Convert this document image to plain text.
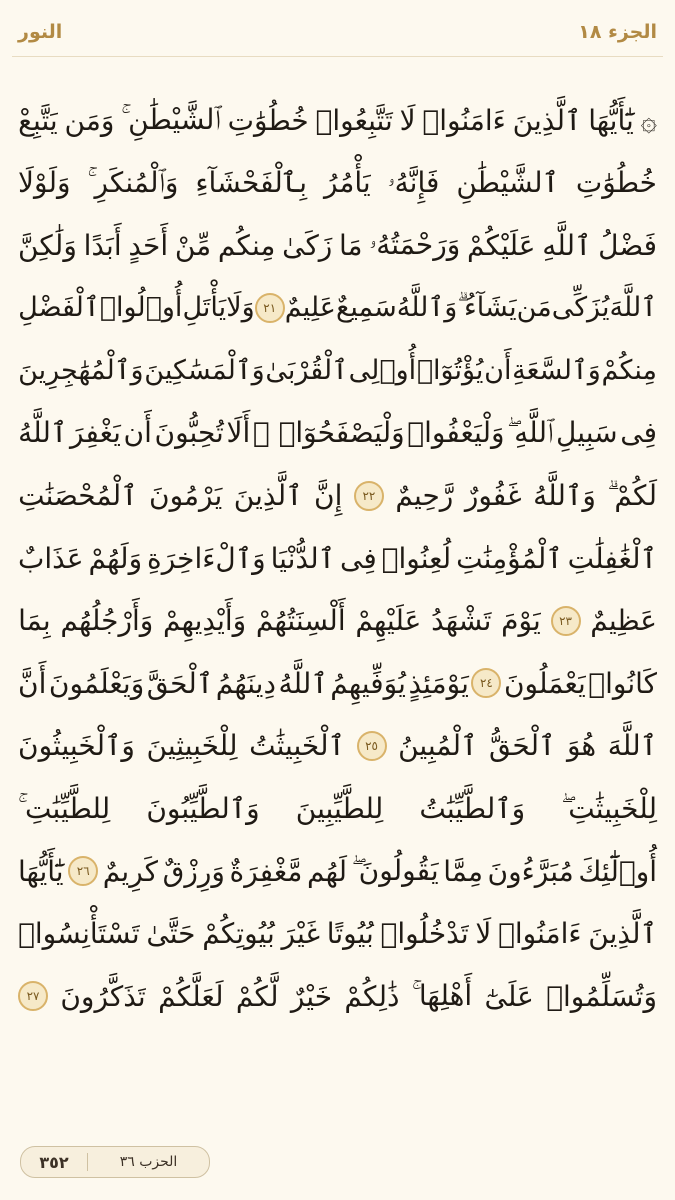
الجزء ١٨
النور
۞
يَٰٓأَيُّهَا
ٱلَّذِينَ
ءَامَنُوا۟
لَا
تَتَّبِعُوا۟
خُطُوَٰتِ
ٱلشَّيْطَٰنِ ۚ
وَمَن
يَتَّبِعْ
خُطُوَٰتِ
ٱلشَّيْطَٰنِ
فَإِنَّهُۥ
يَأْمُرُ
بِٱلْفَحْشَآءِ
وَٱلْمُنكَرِ ۚ
وَلَوْلَا
فَضْلُ
ٱللَّهِ
عَلَيْكُمْ
وَرَحْمَتُهُۥ
مَا
زَكَىٰ
مِنكُم
مِّنْ
أَحَدٍ
أَبَدًا
وَلَٰكِنَّ
ٱللَّهَ
يُزَكِّى
مَن
يَشَآءُ ۗ
وَٱللَّهُ
سَمِيعٌ
عَلِيمٌ
٢١
وَلَا
يَأْتَلِ
أُو۟لُوا۟
ٱلْفَضْلِ
مِنكُمْ
وَٱلسَّعَةِ
أَن
يُؤْتُوٓا۟
أُو۟لِى
ٱلْقُرْبَىٰ
وَٱلْمَسَٰكِينَ
وَٱلْمُهَٰجِرِينَ
فِى
سَبِيلِ
ٱللَّهِ ۖ
وَلْيَعْفُوا۟
وَلْيَصْفَحُوٓا۟ ۗ
أَلَا
تُحِبُّونَ
أَن
يَغْفِرَ
ٱللَّهُ
لَكُمْ ۗ
وَٱللَّهُ
غَفُورٌ
رَّحِيمٌ
٢٢
إِنَّ
ٱلَّذِينَ
يَرْمُونَ
ٱلْمُحْصَنَٰتِ
ٱلْغَٰفِلَٰتِ
ٱلْمُؤْمِنَٰتِ
لُعِنُوا۟
فِى
ٱلدُّنْيَا
وَٱلْءَاخِرَةِ
وَلَهُمْ
عَذَابٌ
عَظِيمٌ
٢٣
يَوْمَ
تَشْهَدُ
عَلَيْهِمْ
أَلْسِنَتُهُمْ
وَأَيْدِيهِمْ
وَأَرْجُلُهُم
بِمَا
كَانُوا۟
يَعْمَلُونَ
٢٤
يَوْمَئِذٍ
يُوَفِّيهِمُ
ٱللَّهُ
دِينَهُمُ
ٱلْحَقَّ
وَيَعْلَمُونَ
أَنَّ
ٱللَّهَ
هُوَ
ٱلْحَقُّ
ٱلْمُبِينُ
٢٥
ٱلْخَبِيثَٰتُ
لِلْخَبِيثِينَ
وَٱلْخَبِيثُونَ
لِلْخَبِيثَٰتِ ۖ
وَٱلطَّيِّبَٰتُ
لِلطَّيِّبِينَ
وَٱلطَّيِّبُونَ
لِلطَّيِّبَٰتِ ۚ
أُو۟لَٰٓئِكَ
مُبَرَّءُونَ
مِمَّا
يَقُولُونَ ۖ
لَهُم
مَّغْفِرَةٌ
وَرِزْقٌ
كَرِيمٌ
٢٦
يَٰٓأَيُّهَا
ٱلَّذِينَ
ءَامَنُوا۟
لَا
تَدْخُلُوا۟
بُيُوتًا
غَيْرَ
بُيُوتِكُمْ
حَتَّىٰ
تَسْتَأْنِسُوا۟
وَتُسَلِّمُوا۟
عَلَىٰٓ
أَهْلِهَا ۚ
ذَٰلِكُمْ
خَيْرٌ
لَّكُمْ
لَعَلَّكُمْ
تَذَكَّرُونَ
٢٧
الحزب ٣٦
٣٥٢
